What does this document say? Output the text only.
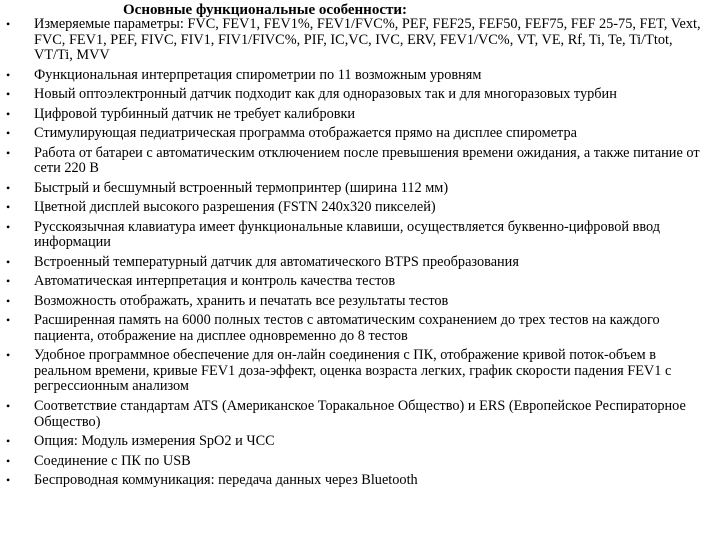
Основные функциональные особенности:
• Измеряемые параметры: FVC, FEV1, FEV1%, FEV1/FVC%, PEF, FEF25, FEF50, FEF75, FEF 25-75, FET, Vext, FVC, FEV1, PEF, FIVC, FIV1, FIV1/FIVC%, PIF, IC,VC, IVC, ERV, FEV1/VC%, VT, VE, Rf, Ti, Te, Ti/Ttot, VT/Ti, MVV
• Функциональная интерпретация спирометрии по 11 возможным уровням
• Новый оптоэлектронный датчик подходит как для одноразовых так и для многоразовых турбин
• Цифровой турбинный датчик не требует калибровки
• Стимулирующая педиатрическая программа отображается прямо на дисплее спирометра
• Работа от батареи с автоматическим отключением после превышения времени ожидания, а также питание от сети 220 В
• Быстрый и бесшумный встроенный термопринтер (ширина 112 мм)
• Цветной дисплей высокого разрешения (FSTN 240x320 пикселей)
• Русскоязычная клавиатура имеет функциональные клавиши, осуществляется буквенно-цифровой ввод информации
• Встроенный температурный датчик для автоматического BTPS преобразования
• Автоматическая интерпретация и контроль качества тестов
• Возможность отображать, хранить и печатать все результаты тестов
• Расширенная память на 6000 полных тестов с автоматическим сохранением до трех тестов на каждого пациента, отображение на дисплее одновременно до 8 тестов
• Удобное программное обеспечение для он-лайн соединения с ПК, отображение кривой поток-объем в реальном времени, кривые FEV1 доза-эффект, оценка возраста легких, график скорости падения FEV1 с регрессионным анализом
• Соответствие стандартам ATS (Американское Торакальное Общество) и ERS (Европейское Респираторное Общество)
• Опция: Модуль измерения SpO2 и ЧСС
• Соединение с ПК по USB
• Беспроводная коммуникация: передача данных через Bluetooth
